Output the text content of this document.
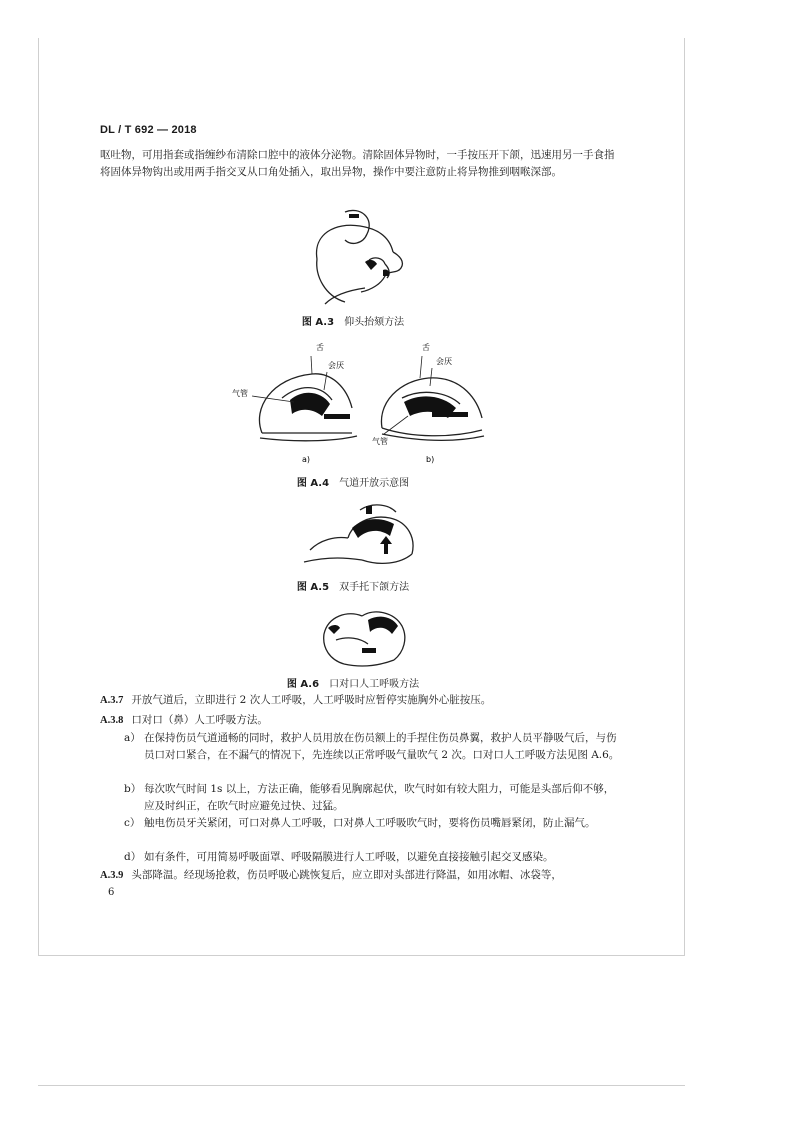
DL / T 692 — 2018

呕吐物，可用指套或指缠纱布清除口腔中的液体分泌物。清除固体异物时，一手按压开下颌，迅速用另一手食指将固体异物钩出或用两手指交叉从口角处插入，取出异物，操作中要注意防止将异物推到咽喉深部。

图 A.3 仰头抬颏方法
舌
会厌
气管
a)
舌
会厌
气管
b)
图 A.4 气道开放示意图
图 A.5 双手托下颌方法
图 A.6 口对口人工呼吸方法
A.3.7 开放气道后，立即进行 2 次人工呼吸，人工呼吸时应暂停实施胸外心脏按压。
A.3.8 口对口（鼻）人工呼吸方法。
a） 在保持伤员气道通畅的同时，救护人员用放在伤员额上的手捏住伤员鼻翼，救护人员平静吸气后，与伤员口对口紧合，在不漏气的情况下，先连续以正常呼吸气量吹气 2 次。口对口人工呼吸方法见图 A.6。
b） 每次吹气时间 1s 以上，方法正确，能够看见胸廓起伏，吹气时如有较大阻力，可能是头部后仰不够，应及时纠正，在吹气时应避免过快、过猛。
c） 触电伤员牙关紧闭，可口对鼻人工呼吸，口对鼻人工呼吸吹气时，要将伤员嘴唇紧闭，防止漏气。
d） 如有条件，可用简易呼吸面罩、呼吸隔膜进行人工呼吸，以避免直接接触引起交叉感染。
A.3.9 头部降温。经现场抢救，伤员呼吸心跳恢复后，应立即对头部进行降温，如用冰帽、冰袋等，
6
